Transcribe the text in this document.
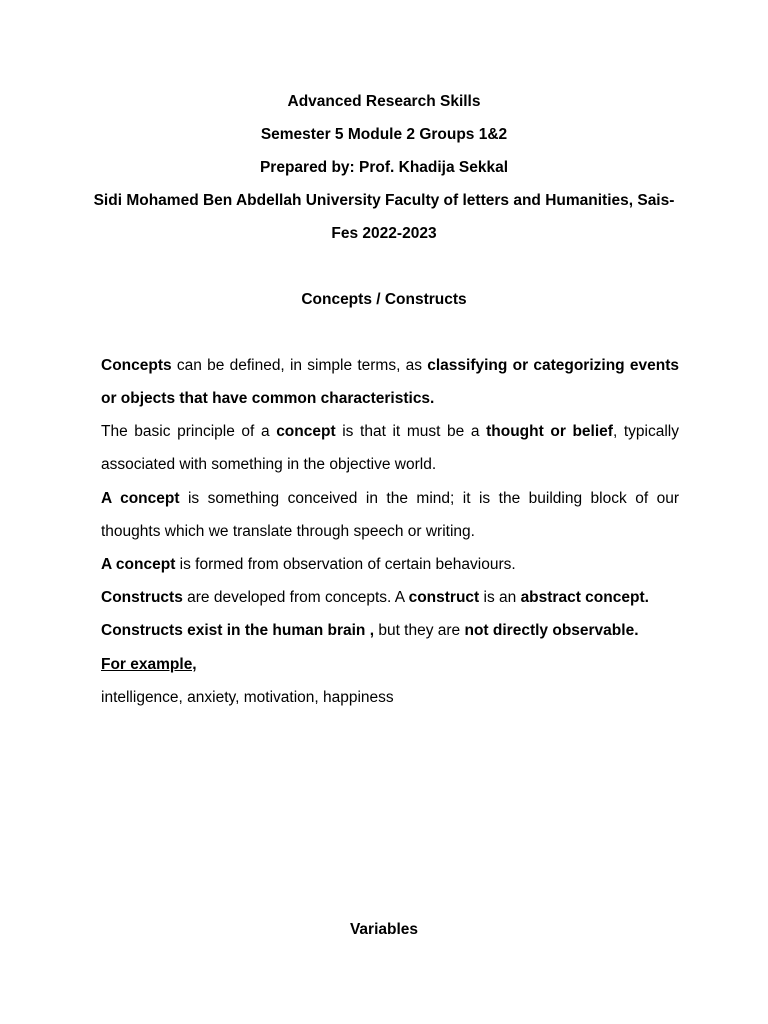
Advanced Research Skills
Semester 5 Module 2 Groups 1&2
Prepared by: Prof. Khadija Sekkal
Sidi Mohamed Ben Abdellah University Faculty of letters and Humanities, Sais-
Fes 2022-2023
Concepts / Constructs
Concepts can be defined, in simple terms, as classifying or categorizing events
or objects that have common characteristics.
The basic principle of a concept is that it must be a thought or belief, typically
associated with something in the objective world.
A concept is something conceived in the mind; it is the building block of our
thoughts which we translate through speech or writing.
A concept is formed from observation of certain behaviours.
Constructs are developed from concepts. A construct is an abstract concept.
Constructs exist in the human brain , but they are not directly observable.
For example,
intelligence, anxiety, motivation, happiness
Variables
